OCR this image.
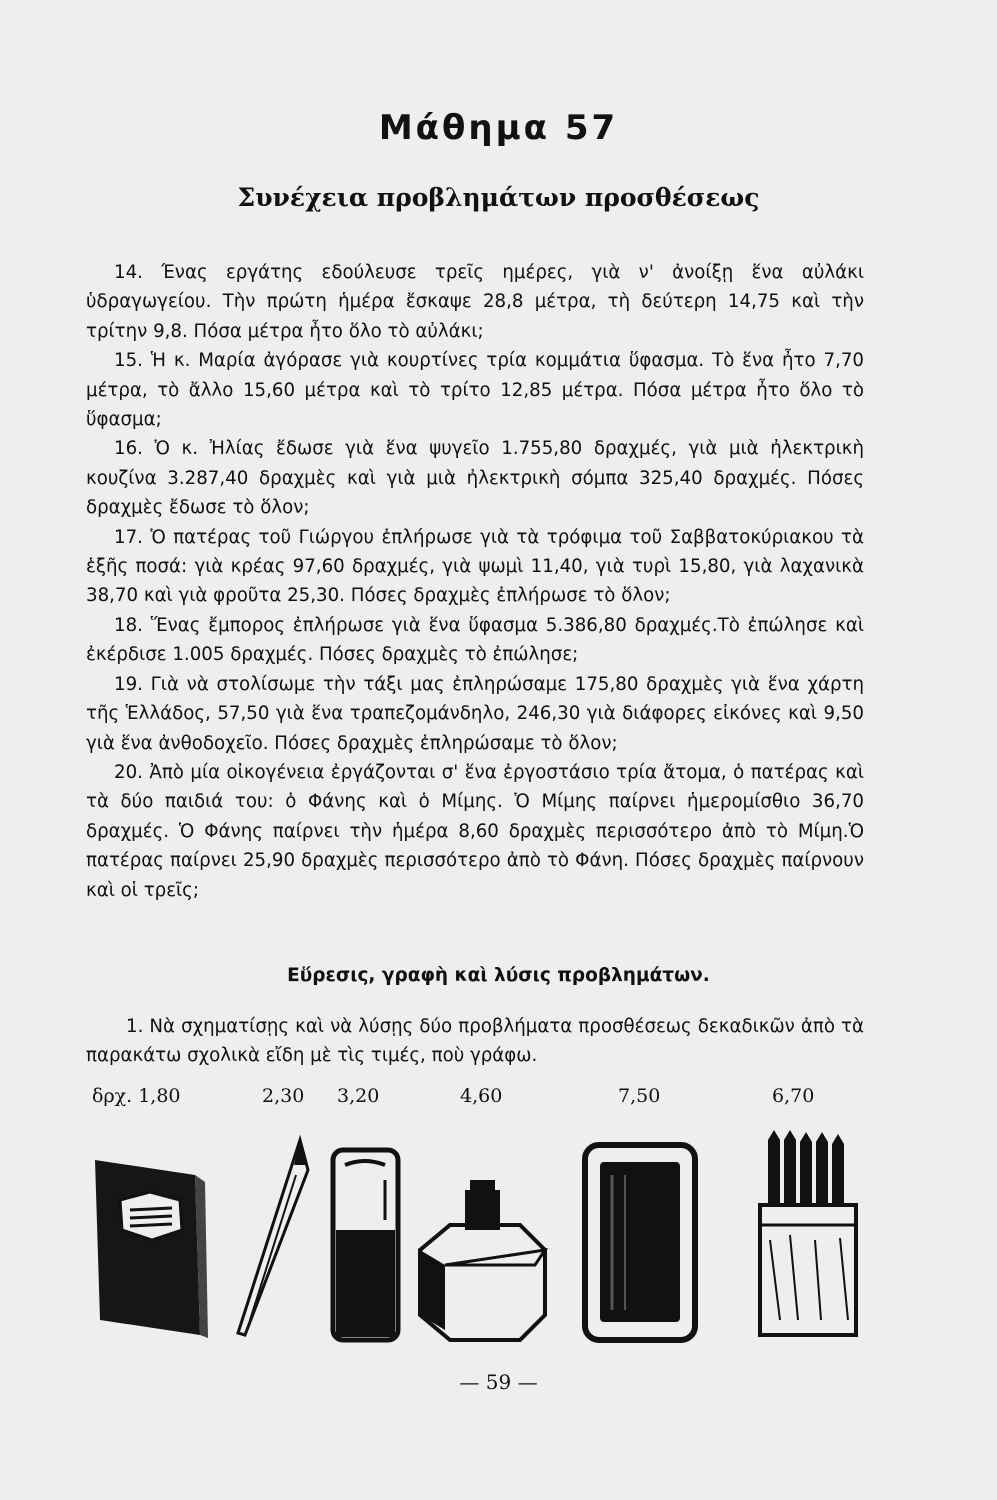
Μάθημα 57
Συνέχεια προβλημάτων προσθέσεως

14. Ένας εργάτης εδούλευσε τρεῖς ημέρες, γιὰ ν' ἀνοίξῃ ἕνα αὐλάκι ὑδραγωγείου. Τὴν πρώτη ἡμέρα ἔσκαψε 28,8 μέτρα, τὴ δεύτερη 14,75 καὶ τὴν τρίτην 9,8. Πόσα μέτρα ἦτο ὅλο τὸ αὐλάκι;

15. Ἡ κ. Μαρία ἀγόρασε γιὰ κουρτίνες τρία κομμάτια ὕφασμα. Τὸ ἕνα ἦτο 7,70 μέτρα, τὸ ἄλλο 15,60 μέτρα καὶ τὸ τρίτο 12,85 μέτρα. Πόσα μέτρα ἦτο ὅλο τὸ ὕφασμα;

16. Ὁ κ. Ἠλίας ἔδωσε γιὰ ἕνα ψυγεῖο 1.755,80 δραχμές, γιὰ μιὰ ἠλεκτρικὴ κουζίνα 3.287,40 δραχμὲς καὶ γιὰ μιὰ ἠλεκτρικὴ σόμπα 325,40 δραχμές. Πόσες δραχμὲς ἔδωσε τὸ ὅλον;

17. Ὁ πατέρας τοῦ Γιώργου ἐπλήρωσε γιὰ τὰ τρόφιμα τοῦ Σαββατοκύριακου τὰ ἑξῆς ποσά: γιὰ κρέας 97,60 δραχμές, γιὰ ψωμὶ 11,40, γιὰ τυρὶ 15,80, γιὰ λαχανικὰ 38,70 καὶ γιὰ φροῦτα 25,30. Πόσες δραχμὲς ἐπλήρωσε τὸ ὅλον;

18. Ἕνας ἔμπορος ἐπλήρωσε γιὰ ἕνα ὕφασμα 5.386,80 δραχμές.Τὸ ἐπώλησε καὶ ἐκέρδισε 1.005 δραχμές. Πόσες δραχμὲς τὸ ἐπώλησε;

19. Γιὰ νὰ στολίσωμε τὴν τάξι μας ἐπληρώσαμε 175,80 δραχμὲς γιὰ ἕνα χάρτη τῆς Ἑλλάδος, 57,50 γιὰ ἕνα τραπεζομάνδηλο, 246,30 γιὰ διάφορες εἰκόνες καὶ 9,50 γιὰ ἕνα ἀνθοδοχεῖο. Πόσες δραχμὲς ἐπληρώσαμε τὸ ὅλον;

20. Ἀπὸ μία οἰκογένεια ἐργάζονται σ' ἕνα ἐργοστάσιο τρία ἄτομα, ὁ πατέρας καὶ τὰ δύο παιδιά του: ὁ Φάνης καὶ ὁ Μίμης. Ὁ Μίμης παίρνει ἡμερομίσθιο 36,70 δραχμές. Ὁ Φάνης παίρνει τὴν ἡμέρα 8,60 δραχμὲς περισσότερο ἀπὸ τὸ Μίμη.Ὁ πατέρας παίρνει 25,90 δραχμὲς περισσότερο ἀπὸ τὸ Φάνη. Πόσες δραχμὲς παίρνουν καὶ οἱ τρεῖς;

Εὕρεσις, γραφὴ καὶ λύσις προβλημάτων.

1. Νὰ σχηματίσῃς καὶ νὰ λύσῃς δύο προβλήματα προσθέσεως δεκαδικῶν ἀπὸ τὰ παρακάτω σχολικὰ εἴδη μὲ τὶς τιμές, ποὺ γράφω.

δρχ. 1,80	2,30 3,20	4,60	7,50	6,70
— 59 —
